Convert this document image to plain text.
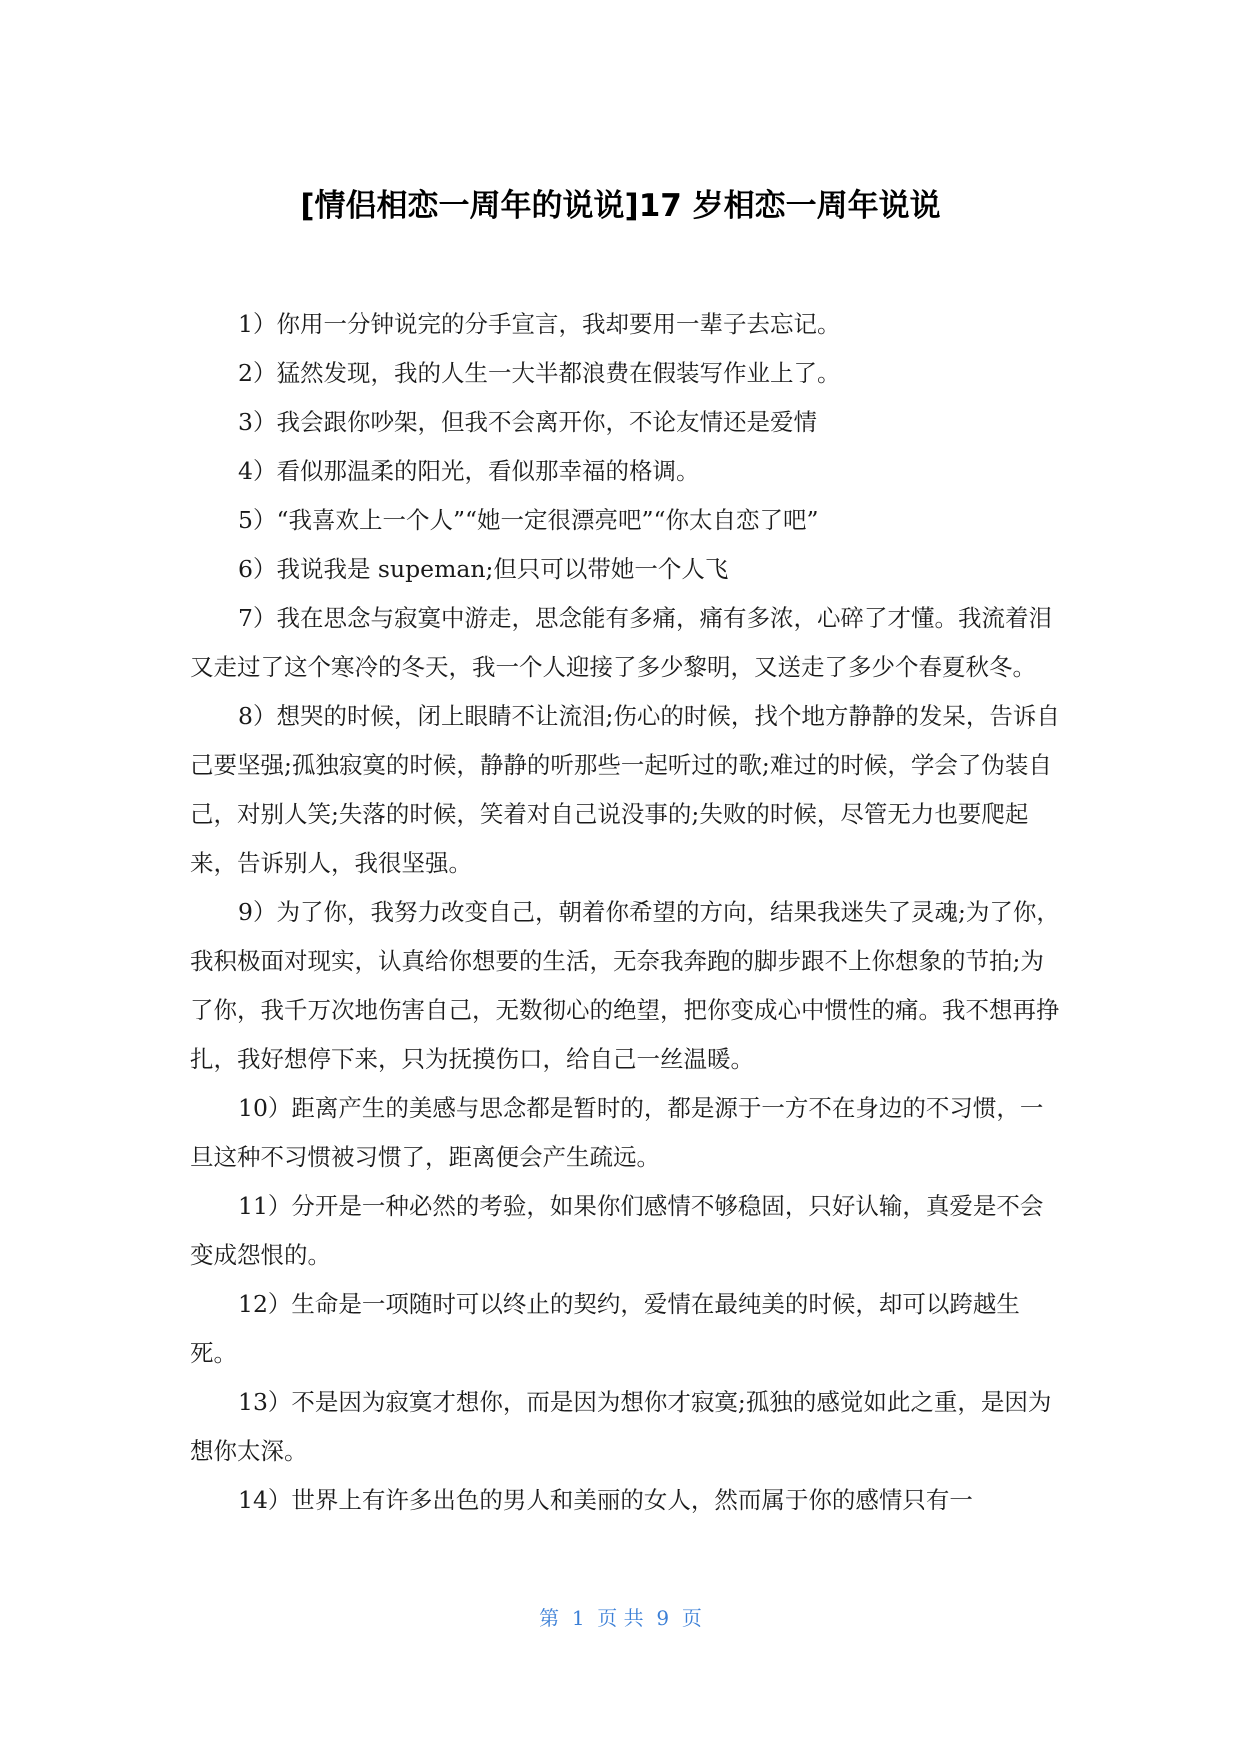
[情侣相恋一周年的说说]17 岁相恋一周年说说

1）你用一分钟说完的分手宣言，我却要用一辈子去忘记。

2）猛然发现，我的人生一大半都浪费在假装写作业上了。

3）我会跟你吵架，但我不会离开你，不论友情还是爱情

4）看似那温柔的阳光，看似那幸福的格调。

5）“我喜欢上一个人”“她一定很漂亮吧”“你太自恋了吧”

6）我说我是 supeman;但只可以带她一个人飞

7）我在思念与寂寞中游走，思念能有多痛，痛有多浓，心碎了才懂。我流着泪又走过了这个寒冷的冬天，我一个人迎接了多少黎明，又送走了多少个春夏秋冬。

8）想哭的时候，闭上眼睛不让流泪;伤心的时候，找个地方静静的发呆，告诉自己要坚强;孤独寂寞的时候，静静的听那些一起听过的歌;难过的时候，学会了伪装自己，对别人笑;失落的时候，笑着对自己说没事的;失败的时候，尽管无力也要爬起来，告诉别人，我很坚强。

9）为了你，我努力改变自己，朝着你希望的方向，结果我迷失了灵魂;为了你，我积极面对现实，认真给你想要的生活，无奈我奔跑的脚步跟不上你想象的节拍;为了你，我千万次地伤害自己，无数彻心的绝望，把你变成心中惯性的痛。我不想再挣扎，我好想停下来，只为抚摸伤口，给自己一丝温暖。

10）距离产生的美感与思念都是暂时的，都是源于一方不在身边的不习惯，一旦这种不习惯被习惯了，距离便会产生疏远。

11）分开是一种必然的考验，如果你们感情不够稳固，只好认输，真爱是不会变成怨恨的。

12）生命是一项随时可以终止的契约，爱情在最纯美的时候，却可以跨越生死。

13）不是因为寂寞才想你，而是因为想你才寂寞;孤独的感觉如此之重，是因为想你太深。

14）世界上有许多出色的男人和美丽的女人，然而属于你的感情只有一

第  1  页 共  9  页
